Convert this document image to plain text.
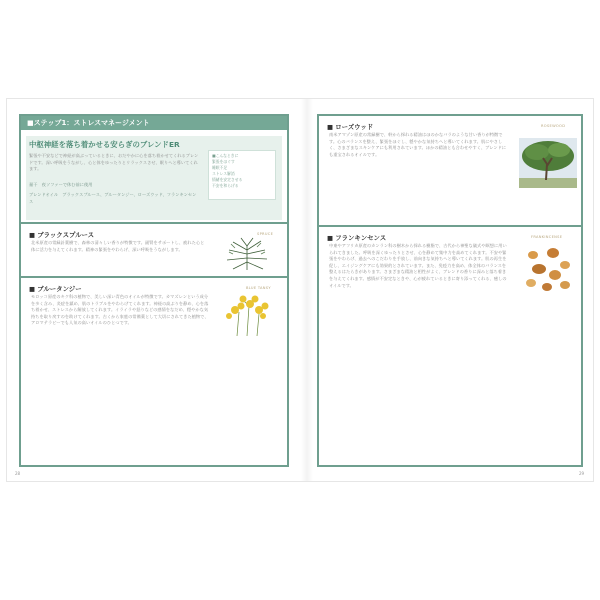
■ステップ1：ストレスマネージメント
中枢神経を落ち着かせる安らぎのブレンドER
緊張や不安などで神経が高ぶっているときに、おだやかに心を落ち着かせてくれるブレンドです。深い呼吸をうながし、心と体をゆったりとリラックスさせ、眠りへと導いてくれます。
量干　夜ソファーで休む前に使用
ブレンドオイル　ブラックスプルース、ブルータンジー、ローズウッド、フランキンセンス
■こんなときに
緊張をほぐす
睡眠不足
ストレス解消
情緒を安定させる
不安を和らげる
■ ブラックスプルース	SPRUCE
北米原産の常緑針葉樹で、森林の清々しい香りが特徴です。副腎をサポートし、疲れた心と体に活力を与えてくれます。精神の緊張をやわらげ、深い呼吸をうながします。
■ ブルータンジー	BLUE TANSY
モロッコ原産のキク科の植物で、美しい深い青色のオイルが特徴です。カマズレンという成分を多く含み、炎症を鎮め、肌のトラブルをやわらげてくれます。神経の高ぶりを静め、心を落ち着かせ、ストレスから解放してくれます。イライラや怒りなどの感情をなだめ、穏やかな気持ちを取り戻すのを助けてくれます。古くから家庭の常備薬として大切にされてきた植物で、アロマテラピーでも人気の高いオイルのひとつです。
■ ローズウッド	ROSEWOOD
南米アマゾン原産の常緑樹で、幹から採れる精油はほのかなバラのような甘い香りが特徴です。心のバランスを整え、緊張をほぐし、穏やかな気持ちへと導いてくれます。肌にやさしく、さまざまなスキンケアにも利用されています。ほかの精油とも合わせやすく、ブレンドにも重宝されるオイルです。
■ フランキンセンス	FRANKINCENSE
中東やアフリカ原産のカンラン科の樹木から採れる樹脂で、古代から神聖な儀式や瞑想に用いられてきました。呼吸を深くゆったりとさせ、心を静めて集中力を高めてくれます。不安や緊張をやわらげ、過去へのこだわりを手放し、前向きな気持ちへと導いてくれます。肌の再生を促し、エイジングケアにも効果的とされています。また、免疫力を高め、体全体のバランスを整えるはたらきがあります。さまざまな精油と相性がよく、ブレンドの香りに深みと落ち着きを与えてくれます。感情が不安定なときや、心が疲れているときに寄り添ってくれる、癒しのオイルです。
28	29
